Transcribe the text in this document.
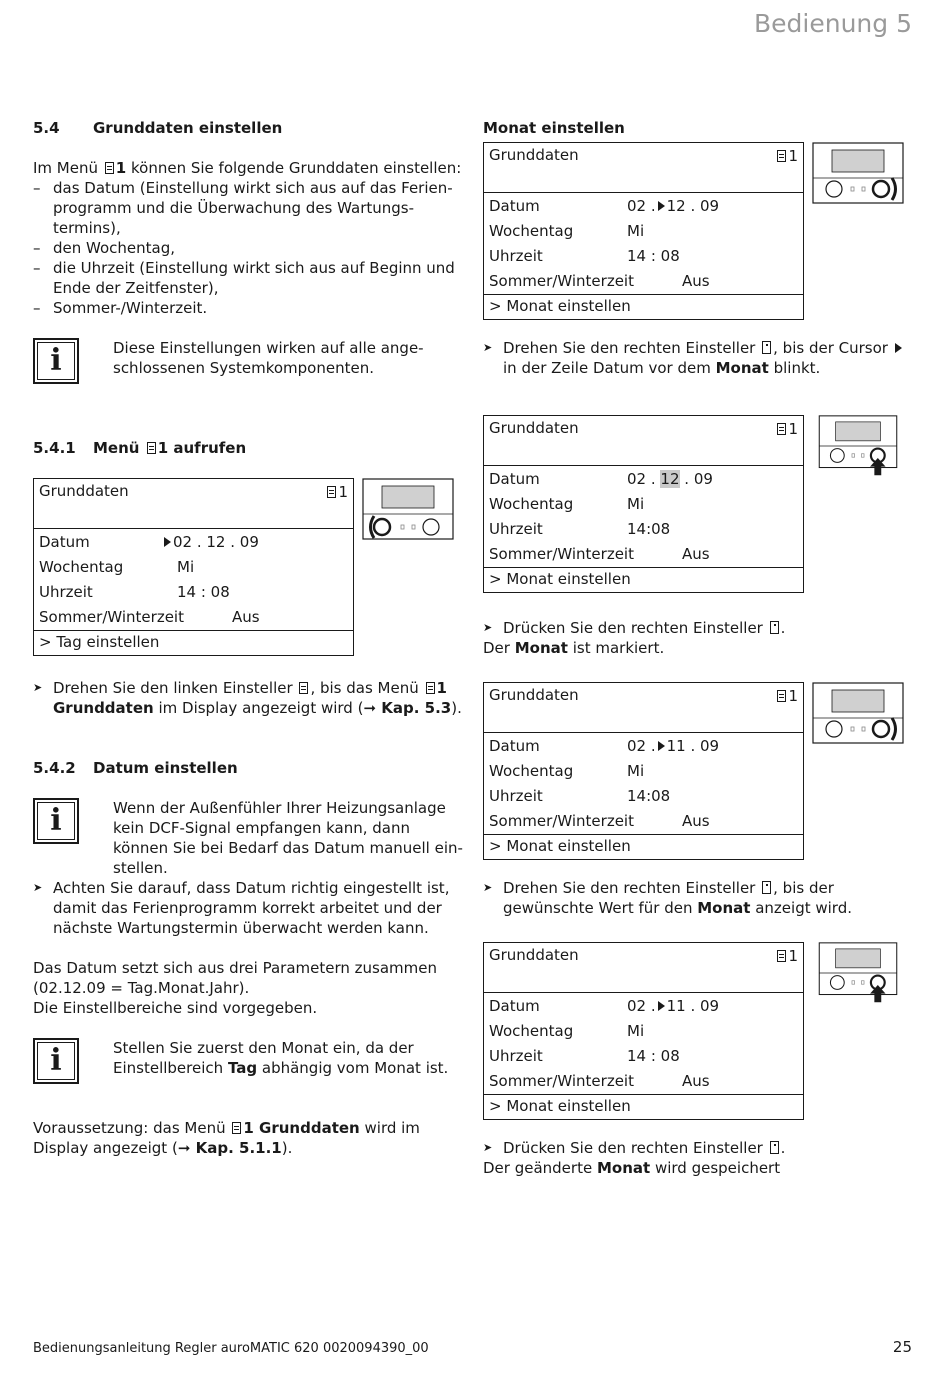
Bedienung 5
5.4 Grunddaten einstellen

Im Menü 1 können Sie folgende Grunddaten einstellen:

– das Datum (Einstellung wirkt sich aus auf das Ferien-programm und die Überwachung des Wartungs-termins),
– den Wochentag,
– die Uhrzeit (Einstellung wirkt sich aus auf Beginn und Ende der Zeitfenster),
– Sommer-/Winterzeit.
i	Diese Einstellungen wirken auf alle ange-schlossenen Systemkomponenten.

5.4.1 Menü 1 aufrufen
Grunddaten	1
Datum	02 . 12 . 09
Wochentag	Mi
Uhrzeit	14 : 08
Sommer/Winterzeit	Aus
> Tag einstellen
➤ Drehen Sie den linken Einsteller , bis das Menü 1 Grunddaten im Display angezeigt wird (➞ Kap. 5.3).
5.4.2 Datum einstellen
i	Wenn der Außenfühler Ihrer Heizungsanlage kein DCF-Signal empfangen kann, dann können Sie bei Bedarf das Datum manuell ein-stellen.

➤ Achten Sie darauf, dass Datum richtig eingestellt ist, damit das Ferienprogramm korrekt arbeitet und der nächste Wartungstermin überwacht werden kann.

Das Datum setzt sich aus drei Parametern zusammen (02.12.09 = Tag.Monat.Jahr).

Die Einstellbereiche sind vorgegeben.

i	Stellen Sie zuerst den Monat ein, da der Einstellbereich Tag abhängig vom Monat ist.

Voraussetzung: das Menü 1 Grunddaten wird im Display angezeigt (➞ Kap. 5.1.1).

Monat einstellen
Grunddaten	1
Datum	02 . 12 . 09
Wochentag	Mi
Uhrzeit	14 : 08
Sommer/Winterzeit	Aus
> Monat einstellen
➤ Drehen Sie den rechten Einsteller , bis der Cursor  in der Zeile Datum vor dem Monat blinkt.
Grunddaten	1
Datum	02 . 12 . 09
Wochentag	Mi
Uhrzeit	14:08
Sommer/Winterzeit	Aus
> Monat einstellen
➤ Drücken Sie den rechten Einsteller .

Der Monat ist markiert.

Grunddaten	1
Datum	02 . 11 . 09
Wochentag	Mi
Uhrzeit	14:08
Sommer/Winterzeit	Aus
> Monat einstellen
➤ Drehen Sie den rechten Einsteller , bis der gewünschte Wert für den Monat anzeigt wird.
Grunddaten	1
Datum	02 . 11 . 09
Wochentag	Mi
Uhrzeit	14 : 08
Sommer/Winterzeit	Aus
> Monat einstellen
➤ Drücken Sie den rechten Einsteller .

Der geänderte Monat wird gespeichert

Bedienungsanleitung Regler auroMATIC 620 0020094390_00	25
